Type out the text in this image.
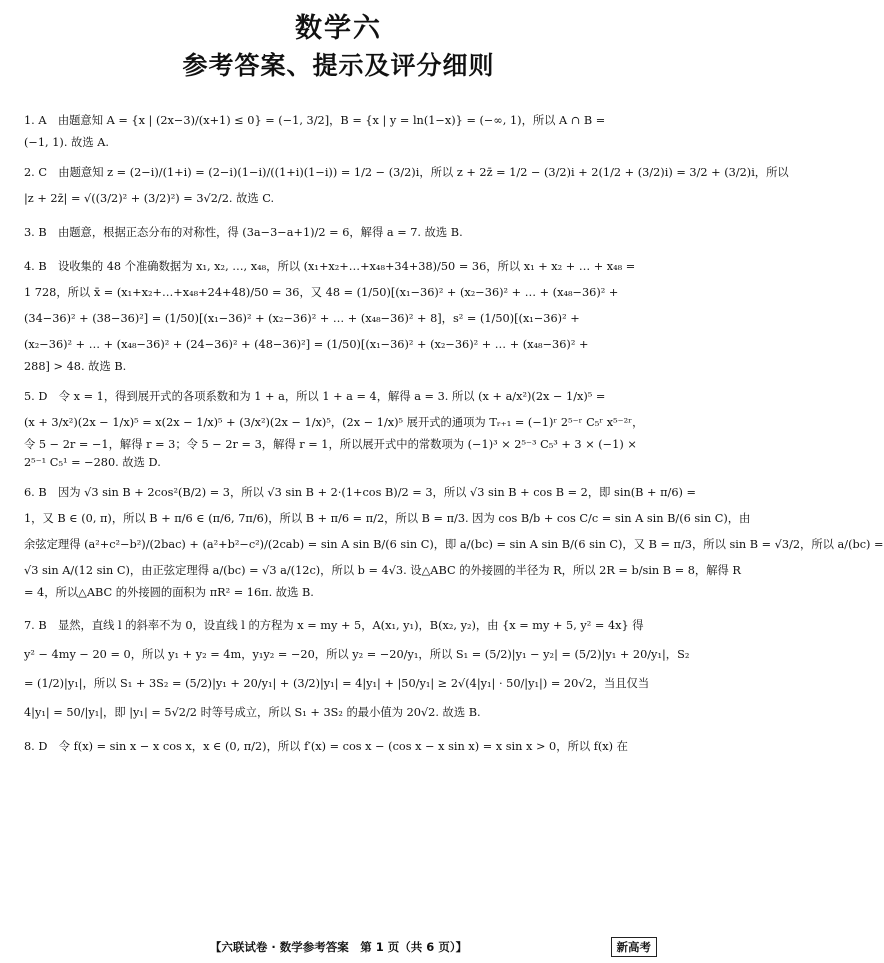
数学六
参考答案、提示及评分细则
1. A　由题意知 A = {x | (2x−3)/(x+1) ≤ 0} = (−1, 3/2]，B = {x | y = ln(1−x)} = (−∞, 1)，所以 A ∩ B =
(−1, 1). 故选 A.
2. C　由题意知 z = (2−i)/(1+i) = (2−i)(1−i)/((1+i)(1−i)) = 1/2 − (3/2)i，所以 z + 2z̄ = 1/2 − (3/2)i + 2(1/2 + (3/2)i) = 3/2 + (3/2)i，所以
|z + 2z̄| = √((3/2)² + (3/2)²) = 3√2/2. 故选 C.
3. B　由题意，根据正态分布的对称性，得 (3a−3−a+1)/2 = 6，解得 a = 7. 故选 B.
4. B　设收集的 48 个准确数据为 x₁, x₂, …, x₄₈，所以 (x₁+x₂+…+x₄₈+34+38)/50 = 36，所以 x₁ + x₂ + … + x₄₈ =
1 728，所以 x̄ = (x₁+x₂+…+x₄₈+24+48)/50 = 36，又 48 = (1/50)[(x₁−36)² + (x₂−36)² + … + (x₄₈−36)² +
(34−36)² + (38−36)²] = (1/50)[(x₁−36)² + (x₂−36)² + … + (x₄₈−36)² + 8]，s² = (1/50)[(x₁−36)² +
(x₂−36)² + … + (x₄₈−36)² + (24−36)² + (48−36)²] = (1/50)[(x₁−36)² + (x₂−36)² + … + (x₄₈−36)² +
288] > 48. 故选 B.
5. D　令 x = 1，得到展开式的各项系数和为 1 + a，所以 1 + a = 4，解得 a = 3. 所以 (x + a/x²)(2x − 1/x)⁵ =
(x + 3/x²)(2x − 1/x)⁵ = x(2x − 1/x)⁵ + (3/x²)(2x − 1/x)⁵，(2x − 1/x)⁵ 展开式的通项为 Tᵣ₊₁ = (−1)ʳ 2⁵⁻ʳ C₅ʳ x⁵⁻²ʳ，
令 5 − 2r = −1，解得 r = 3；令 5 − 2r = 3，解得 r = 1，所以展开式中的常数项为 (−1)³ × 2⁵⁻³ C₅³ + 3 × (−1) ×
2⁵⁻¹ C₅¹ = −280. 故选 D.
6. B　因为 √3 sin B + 2cos²(B/2) = 3，所以 √3 sin B + 2·(1+cos B)/2 = 3，所以 √3 sin B + cos B = 2，即 sin(B + π/6) =
1，又 B ∈ (0, π)，所以 B + π/6 ∈ (π/6, 7π/6)，所以 B + π/6 = π/2，所以 B = π/3. 因为 cos B/b + cos C/c = sin A sin B/(6 sin C)，由
余弦定理得 (a²+c²−b²)/(2bac) + (a²+b²−c²)/(2cab) = sin A sin B/(6 sin C)，即 a/(bc) = sin A sin B/(6 sin C)，又 B = π/3，所以 sin B = √3/2，所以 a/(bc) =
√3 sin A/(12 sin C)，由正弦定理得 a/(bc) = √3 a/(12c)，所以 b = 4√3. 设△ABC 的外接圆的半径为 R，所以 2R = b/sin B = 8，解得 R
= 4，所以△ABC 的外接圆的面积为 πR² = 16π. 故选 B.
7. B　显然，直线 l 的斜率不为 0，设直线 l 的方程为 x = my + 5，A(x₁, y₁)，B(x₂, y₂)，由 {x = my + 5, y² = 4x} 得
y² − 4my − 20 = 0，所以 y₁ + y₂ = 4m，y₁y₂ = −20，所以 y₂ = −20/y₁，所以 S₁ = (5/2)|y₁ − y₂| = (5/2)|y₁ + 20/y₁|，S₂
= (1/2)|y₁|，所以 S₁ + 3S₂ = (5/2)|y₁ + 20/y₁| + (3/2)|y₁| = 4|y₁| + |50/y₁| ≥ 2√(4|y₁| · 50/|y₁|) = 20√2，当且仅当
4|y₁| = 50/|y₁|，即 |y₁| = 5√2/2 时等号成立，所以 S₁ + 3S₂ 的最小值为 20√2. 故选 B.
8. D　令 f(x) = sin x − x cos x，x ∈ (0, π/2)，所以 f′(x) = cos x − (cos x − x sin x) = x sin x > 0，所以 f(x) 在
【六联试卷 · 数学参考答案　第 1 页（共 6 页）】	新高考
